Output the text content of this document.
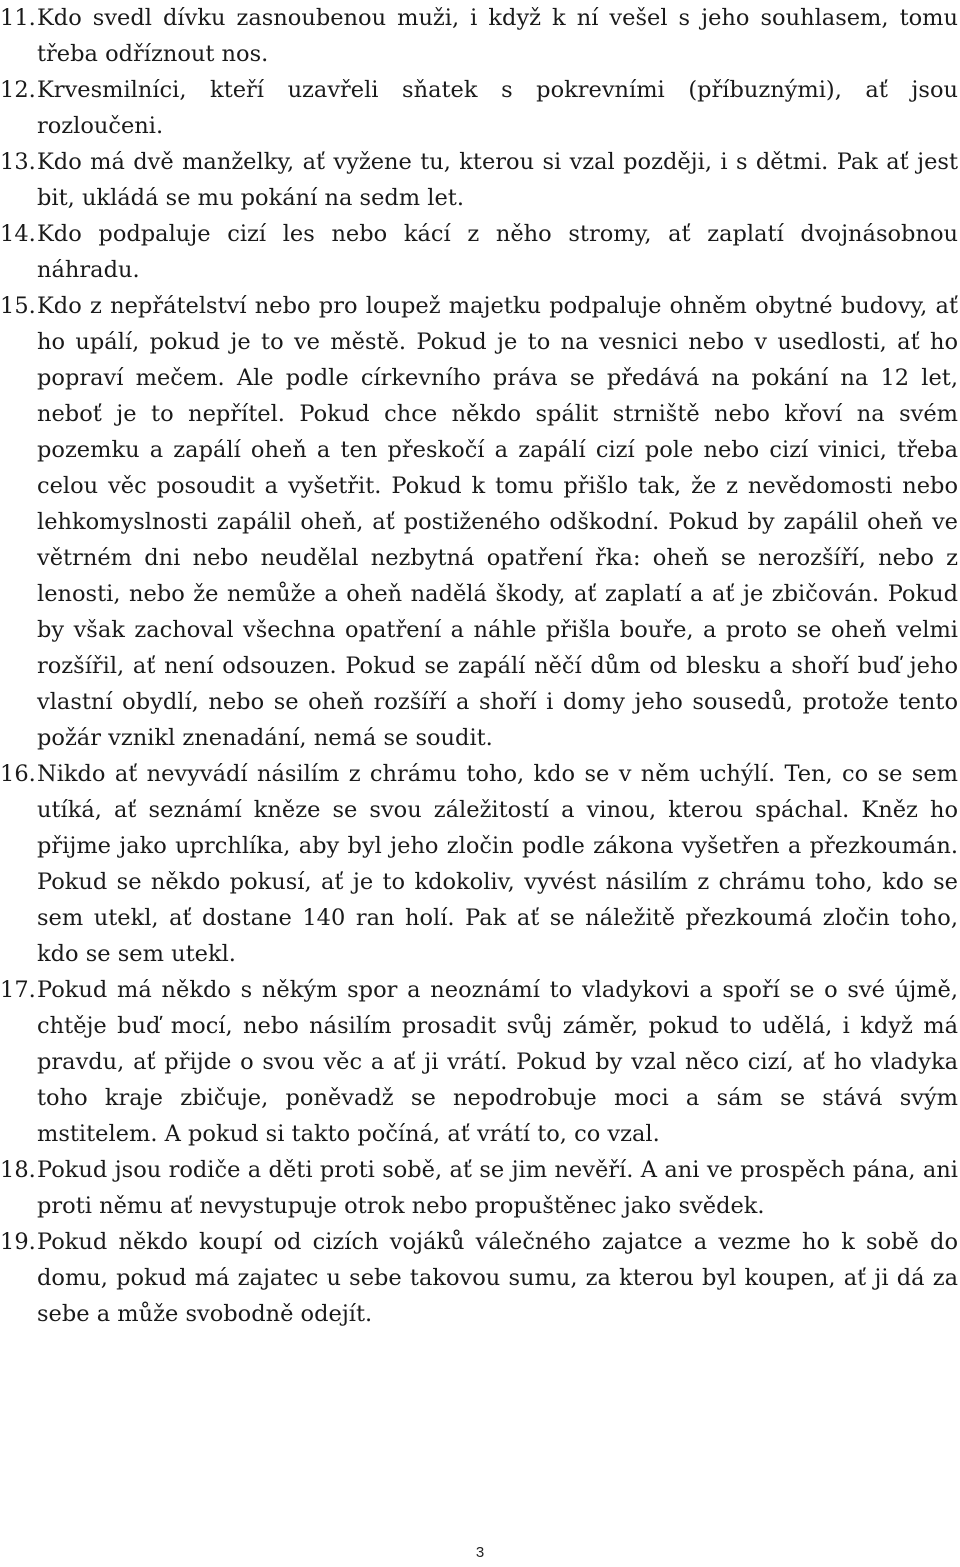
11. Kdo svedl dívku zasnoubenou muži, i když k ní vešel s jeho souhlasem, tomu třeba odříznout nos.
12. Krvesmilníci, kteří uzavřeli sňatek s pokrevními (příbuznými), ať jsou rozloučeni.
13. Kdo má dvě manželky, ať vyžene tu, kterou si vzal později, i s dětmi. Pak ať jest bit, ukládá se mu pokání na sedm let.
14. Kdo podpaluje cizí les nebo kácí z něho stromy, ať zaplatí dvojnásobnou náhradu.
15. Kdo z nepřátelství nebo pro loupež majetku podpaluje ohněm obytné budovy, ať ho upálí, pokud je to ve městě. Pokud je to na vesnici nebo v usedlosti, ať ho popraví mečem. Ale podle církevního práva se předává na pokání na 12 let, neboť je to nepřítel. Pokud chce někdo spálit strniště nebo křoví na svém pozemku a zapálí oheň a ten přeskočí a zapálí cizí pole nebo cizí vinici, třeba celou věc posoudit a vyšetřit. Pokud k tomu přišlo tak, že z nevědomosti nebo lehkomyslnosti zapálil oheň, ať postiženého odškodní. Pokud by zapálil oheň ve větrném dni nebo neudělal nezbytná opatření řka: oheň se nerozšíří, nebo z lenosti, nebo že nemůže a oheň nadělá škody, ať zaplatí a ať je zbičován. Pokud by však zachoval všechna opatření a náhle přišla bouře, a proto se oheň velmi rozšířil, ať není odsouzen. Pokud se zapálí něčí dům od blesku a shoří buď jeho vlastní obydlí, nebo se oheň rozšíří a shoří i domy jeho sousedů, protože tento požár vznikl znenadání, nemá se soudit.
16. Nikdo ať nevyvádí násilím z chrámu toho, kdo se v něm uchýlí. Ten, co se sem utíká, ať seznámí kněze se svou záležitostí a vinou, kterou spáchal. Kněz ho přijme jako uprchlíka, aby byl jeho zločin podle zákona vyšetřen a přezkoumán. Pokud se někdo pokusí, ať je to kdokoliv, vyvést násilím z chrámu toho, kdo se sem utekl, ať dostane 140 ran holí. Pak ať se náležitě přezkoumá zločin toho, kdo se sem utekl.
17. Pokud má někdo s někým spor a neoznámí to vladykovi a spoří se o své újmě, chtěje buď mocí, nebo násilím prosadit svůj záměr, pokud to udělá, i když má pravdu, ať přijde o svou věc a ať ji vrátí. Pokud by vzal něco cizí, ať ho vladyka toho kraje zbičuje, poněvadž se nepodrobuje moci a sám se stává svým mstitelem. A pokud si takto počíná, ať vrátí to, co vzal.
18. Pokud jsou rodiče a děti proti sobě, ať se jim nevěří. A ani ve prospěch pána, ani proti němu ať nevystupuje otrok nebo propuštěnec jako svědek.
19. Pokud někdo koupí od cizích vojáků válečného zajatce a vezme ho k sobě do domu, pokud má zajatec u sebe takovou sumu, za kterou byl koupen, ať ji dá za sebe a může svobodně odejít.
3
